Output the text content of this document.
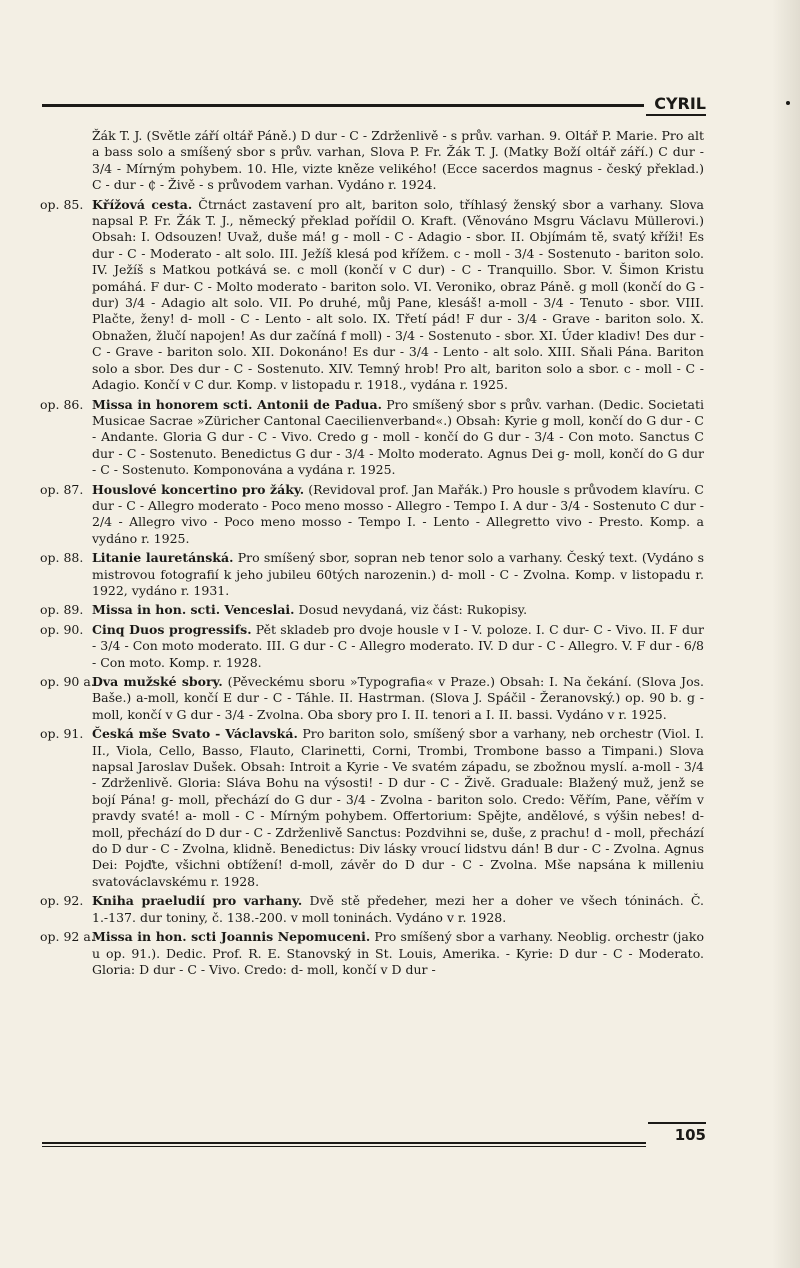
CYRIL
Žák T. J. (Světle září oltář Páně.) D dur - C - Zdrženlivě - s prův. varhan. 9. Oltář P. Marie. Pro alt a bass solo a smíšený sbor s prův. varhan, Slova P. Fr. Žák T. J. (Matky Boží oltář září.) C dur - 3/4 - Mírným pohybem. 10. Hle, vizte kněze velikého! (Ecce sacerdos magnus - český překlad.) C - dur - ₵ - Živě - s průvodem varhan. Vydáno r. 1924.
op. 85. Křížová cesta. Čtrnáct zastavení pro alt, bariton solo, tříhlasý ženský sbor a varhany. Slova napsal P. Fr. Žák T. J., německý překlad pořídil O. Kraft. (Věnováno Msgru Václavu Müllerovi.) Obsah: I. Odsouzen! Uvaž, duše má! g - moll - C - Adagio - sbor. II. Objímám tě, svatý kříži! Es dur - C - Moderato - alt solo. III. Ježíš klesá pod křížem. c - moll - 3/4 - Sostenuto - bariton solo. IV. Ježíš s Matkou potkává se. c moll (končí v C dur) - C - Tranquillo. Sbor. V. Šimon Kristu pomáhá. F dur- C - Molto moderato - bariton solo. VI. Veroniko, obraz Páně. g moll (končí do G - dur) 3/4 - Adagio alt solo. VII. Po druhé, můj Pane, klesáš! a-moll - 3/4 - Tenuto - sbor. VIII. Plačte, ženy! d- moll - C - Lento - alt solo. IX. Třetí pád! F dur - 3/4 - Grave - bariton solo. X. Obnažen, žlučí napojen! As dur začíná f moll) - 3/4 - Sostenuto - sbor. XI. Úder kladiv! Des dur - C - Grave - bariton solo. XII. Dokonáno! Es dur - 3/4 - Lento - alt solo. XIII. Sňali Pána. Bariton solo a sbor. Des dur - C - Sostenuto. XIV. Temný hrob! Pro alt, bariton solo a sbor. c - moll - C - Adagio. Končí v C dur. Komp. v listopadu r. 1918., vydána r. 1925.
op. 86. Missa in honorem scti. Antonii de Padua. Pro smíšený sbor s prův. varhan. (Dedic. Societati Musicae Sacrae »Züricher Cantonal Caecilienverband«.) Obsah: Kyrie g moll, končí do G dur - C - Andante. Gloria G dur - C - Vivo. Credo g - moll - končí do G dur - 3/4 - Con moto. Sanctus C dur - C - Sostenuto. Benedictus G dur - 3/4 - Molto moderato. Agnus Dei g- moll, končí do G dur - C - Sostenuto. Komponována a vydána r. 1925.
op. 87. Houslové koncertino pro žáky. (Revidoval prof. Jan Mařák.) Pro housle s průvodem klavíru. C dur - C - Allegro moderato - Poco meno mosso - Allegro - Tempo I. A dur - 3/4 - Sostenuto C dur - 2/4 - Allegro vivo - Poco meno mosso - Tempo I. - Lento - Allegretto vivo - Presto. Komp. a vydáno r. 1925.
op. 88. Litanie lauretánská. Pro smíšený sbor, sopran neb tenor solo a varhany. Český text. (Vydáno s mistrovou fotografií k jeho jubileu 60tých narozenin.) d- moll - C - Zvolna. Komp. v listopadu r. 1922, vydáno r. 1931.
op. 89. Missa in hon. scti. Venceslai. Dosud nevydaná, viz část: Rukopisy.
op. 90. Cinq Duos progressifs. Pět skladeb pro dvoje housle v I - V. poloze. I. C dur- C - Vivo. II. F dur - 3/4 - Con moto moderato. III. G dur - C - Allegro moderato. IV. D dur - C - Allegro. V. F dur - 6/8 - Con moto. Komp. r. 1928.
op. 90 a.
Dva mužské sbory. (Pěveckému sboru »Typografia« v Praze.) Obsah: I. Na čekání. (Slova Jos. Baše.) a-moll, končí E dur - C - Táhle. II. Hastrman. (Slova J. Spáčil - Žeranovský.) op. 90 b. g - moll, končí v G dur - 3/4 - Zvolna. Oba sbory pro I. II. tenori a I. II. bassi. Vydáno v r. 1925.
op. 91. Česká mše Svato - Václavská. Pro bariton solo, smíšený sbor a varhany, neb orchestr (Viol. I. II., Viola, Cello, Basso, Flauto, Clarinetti, Corni, Trombi, Trombone basso a Timpani.) Slova napsal Jaroslav Dušek. Obsah: Introit a Kyrie - Ve svatém západu, se zbožnou myslí. a-moll - 3/4 - Zdrženlivě. Gloria: Sláva Bohu na výsosti! - D dur - C - Živě. Graduale: Blažený muž, jenž se bojí Pána! g- moll, přechází do G dur - 3/4 - Zvolna - bariton solo. Credo: Věřím, Pane, věřím v pravdy svaté! a- moll - C - Mírným pohybem. Offertorium: Spějte, andělové, s výšin nebes! d- moll, přechází do D dur - C - Zdrženlivě Sanctus: Pozdvihni se, duše, z prachu! d - moll, přechází do D dur - C - Zvolna, klidně. Benedictus: Div lásky vroucí lidstvu dán! B dur - C - Zvolna. Agnus Dei: Pojďte, všichni obtížení! d-moll, závěr do D dur - C - Zvolna. Mše napsána k milleniu svatováclavskému r. 1928.
op. 92. Kniha praeludií pro varhany. Dvě stě předeher, mezi her a doher ve všech tóninách. Č. 1.-137. dur toniny, č. 138.-200. v moll toninách. Vydáno v r. 1928.
op. 92 a.
Missa in hon. scti Joannis Nepomuceni. Pro smíšený sbor a varhany. Neoblig. orchestr (jako u op. 91.). Dedic. Prof. R. E. Stanovský in St. Louis, Amerika. - Kyrie: D dur - C - Moderato. Gloria: D dur - C - Vivo. Credo: d- moll, končí v D dur -
105
